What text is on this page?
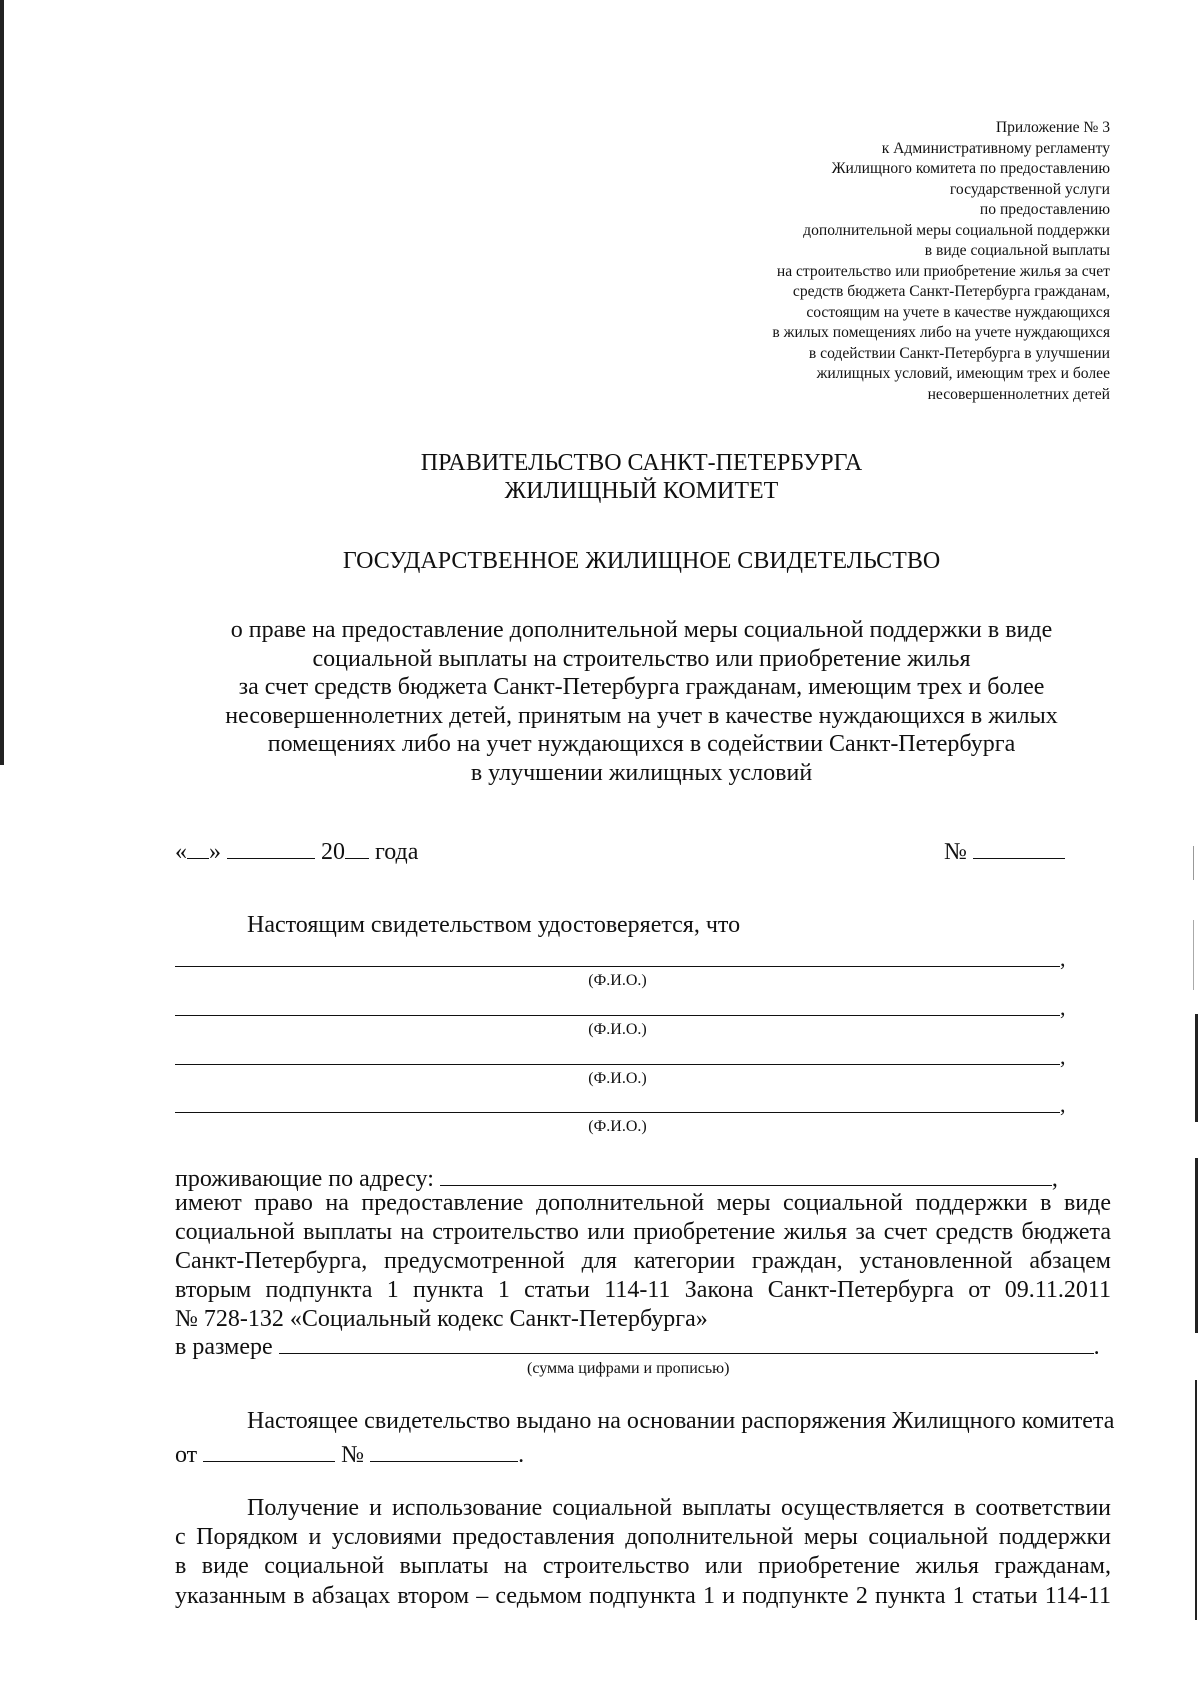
Приложение № 3
к Административному регламенту
Жилищного комитета по предоставлению
государственной услуги
по предоставлению
дополнительной меры социальной поддержки
в виде социальной выплаты
на строительство или приобретение жилья за счет
средств бюджета Санкт-Петербурга гражданам,
состоящим на учете в качестве нуждающихся
в жилых помещениях либо на учете нуждающихся
в содействии Санкт-Петербурга в улучшении
жилищных условий, имеющим трех и более
несовершеннолетних детей
ПРАВИТЕЛЬСТВО САНКТ-ПЕТЕРБУРГА
ЖИЛИЩНЫЙ КОМИТЕТ
ГОСУДАРСТВЕННОЕ ЖИЛИЩНОЕ СВИДЕТЕЛЬСТВО
о праве на предоставление дополнительной меры социальной поддержки в виде
социальной выплаты на строительство или приобретение жилья
за счет средств бюджета Санкт-Петербурга гражданам, имеющим трех и более
несовершеннолетних детей, принятым на учет в качестве нуждающихся в жилых
помещениях либо на учет нуждающихся в содействии Санкт-Петербурга
в улучшении жилищных условий
« »	20 года	№
Настоящим свидетельством удостоверяется, что
,
(Ф.И.О.)
,
(Ф.И.О.)
,
(Ф.И.О.)
,
(Ф.И.О.)
проживающие по адресу:	,
имеют право на предоставление дополнительной меры социальной поддержки в виде
социальной выплаты на строительство или приобретение жилья за счет средств бюджета
Санкт-Петербурга, предусмотренной для категории граждан, установленной абзацем
вторым подпункта 1 пункта 1 статьи 114-11 Закона Санкт-Петербурга от 09.11.2011
№ 728-132 «Социальный кодекс Санкт-Петербурга»
в размере	.
(сумма цифрами и прописью)
Настоящее свидетельство выдано на основании распоряжения Жилищного комитета
от	№	.
Получение и использование социальной выплаты осуществляется в соответствии
с Порядком и условиями предоставления дополнительной меры социальной поддержки
в виде социальной выплаты на строительство или приобретение жилья гражданам,
указанным в абзацах втором – седьмом подпункта 1 и подпункте 2 пункта 1 статьи 114-11
